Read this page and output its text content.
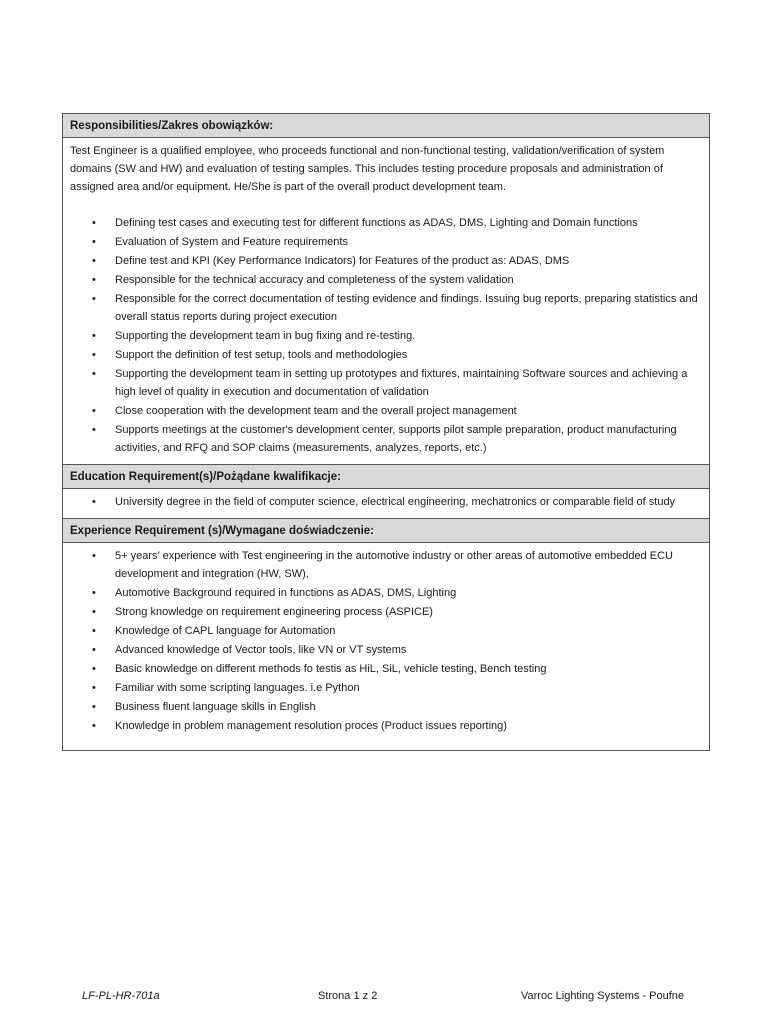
Responsibilities/Zakres obowiązków:

Test Engineer is a qualified employee, who proceeds functional and non-functional testing, validation/verification of system domains (SW and HW) and evaluation of testing samples. This includes testing procedure proposals and administration of assigned area and/or equipment. He/She is part of the overall product development team.

• Defining test cases and executing test for different functions as ADAS, DMS, Lighting and Domain functions
• Evaluation of System and Feature requirements
• Define test and KPI (Key Performance Indicators) for Features of the product as: ADAS, DMS
• Responsible for the technical accuracy and completeness of the system validation
• Responsible for the correct documentation of testing evidence and findings. Issuing bug reports, preparing statistics and overall status reports during project execution
• Supporting the development team in bug fixing and re-testing.
• Support the definition of test setup, tools and methodologies
• Supporting the development team in setting up prototypes and fixtures, maintaining Software sources and achieving a high level of quality in execution and documentation of validation
• Close cooperation with the development team and the overall project management
• Supports meetings at the customer's development center, supports pilot sample preparation, product manufacturing activities, and RFQ and SOP claims (measurements, analyzes, reports, etc.)
Education Requirement(s)/Pożądane kwalifikacje:
• University degree in the field of computer science, electrical engineering, mechatronics or comparable field of study
Experience Requirement (s)/Wymagane doświadczenie:
• 5+ years’ experience with Test engineering in the automotive industry or other areas of automotive embedded ECU development and integration (HW, SW),
• Automotive Background required in functions as ADAS, DMS, Lighting
• Strong knowledge on requirement engineering process (ASPICE)
• Knowledge of CAPL language for Automation
• Advanced knowledge of Vector tools, like VN or VT systems
• Basic knowledge on different methods fo testis as HiL, SiL, vehicle testing, Bench testing
• Familiar with some scripting languages. i.e Python
• Business fluent language skills in English
• Knowledge in problem management resolution proces (Product issues reporting)
LF-PL-HR-701a	Strona 1 z 2	Varroc Lighting Systems - Poufne
